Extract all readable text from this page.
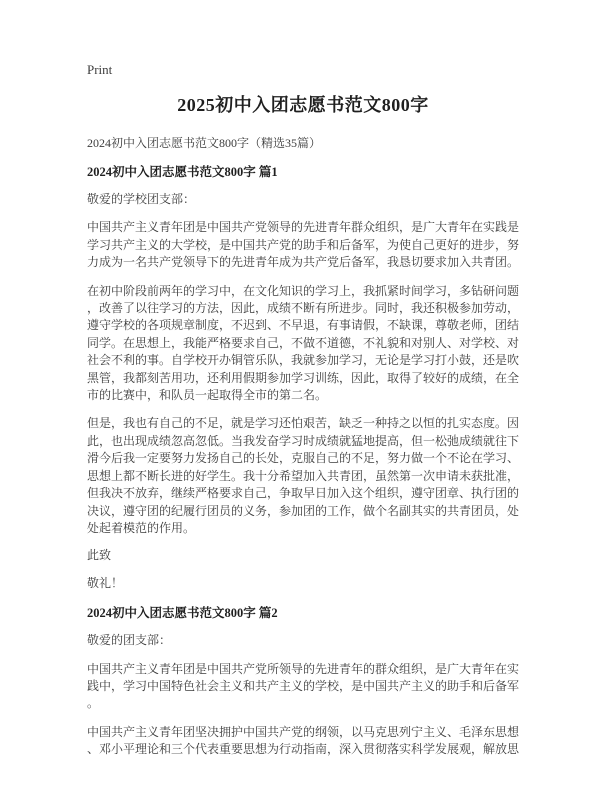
Print
2025初中入团志愿书范文800字

2024初中入团志愿书范文800字（精选35篇）

2024初中入团志愿书范文800字 篇1

敬爱的学校团支部：

中国共产主义青年团是中国共产党领导的先进青年群众组织，是广大青年在实践是学习共产主义的大学校，是中国共产党的助手和后备军，为使自己更好的进步，努力成为一名共产党领导下的先进青年成为共产党后备军，我恳切要求加入共青团。

在初中阶段前两年的学习中，在文化知识的学习上，我抓紧时间学习，多钻研问题，改善了以往学习的方法，因此，成绩不断有所进步。同时，我还积极参加劳动，遵守学校的各项规章制度，不迟到、不早退，有事请假，不缺课，尊敬老师，团结同学。在思想上，我能严格要求自己，不做不道德，不礼貌和对别人、对学校、对社会不利的事。自学校开办铜管乐队，我就参加学习，无论是学习打小鼓，还是吹黑管，我都刻苦用功，还利用假期参加学习训练，因此，取得了较好的成绩，在全市的比赛中，和队员一起取得全市的第二名。

但是，我也有自己的不足，就是学习还怕艰苦，缺乏一种持之以恒的扎实态度。因此，也出现成绩忽高忽低。当我发奋学习时成绩就猛地提高，但一松弛成绩就往下滑今后我一定要努力发扬自己的长处，克服自己的不足，努力做一个不论在学习、思想上都不断长进的好学生。我十分希望加入共青团，虽然第一次申请未获批准，但我决不放弃，继续严格要求自己，争取早日加入这个组织，遵守团章、执行团的决议，遵守团的纪履行团员的义务，参加团的工作，做个名副其实的共青团员，处处起着模范的作用。

此致

敬礼！

2024初中入团志愿书范文800字 篇2

敬爱的团支部：

中国共产主义青年团是中国共产党所领导的先进青年的群众组织，是广大青年在实践中，学习中国特色社会主义和共产主义的学校，是中国共产主义的助手和后备军。

中国共产主义青年团坚决拥护中国共产党的纲领，以马克思列宁主义、毛泽东思想、邓小平理论和三个代表重要思想为行动指南，深入贯彻落实科学发展观，解放思
